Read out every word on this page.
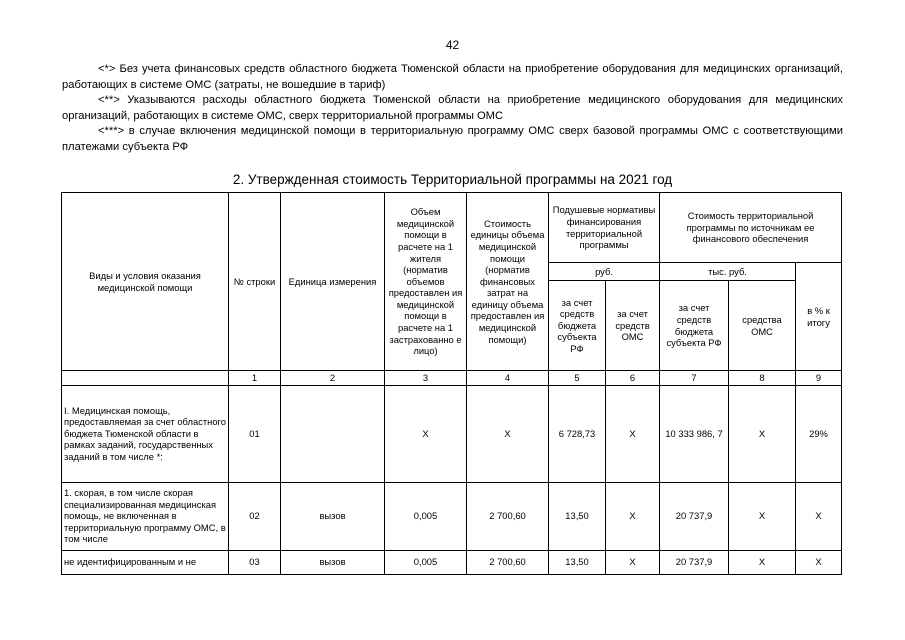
42

<*> Без учета финансовых средств областного бюджета Тюменской области на приобретение оборудования для медицинских организаций, работающих в системе ОМС (затраты, не вошедшие в тариф)

<**> Указываются расходы областного бюджета Тюменской области на приобретение медицинского оборудования для медицинских организаций, работающих в системе ОМС, сверх территориальной программы ОМС

<***> в случае включения медицинской помощи в территориальную программу ОМС сверх базовой программы ОМС с соответствующими платежами субъекта РФ

2. Утвержденная стоимость Территориальной программы на 2021 год
Виды и условия оказания медицинской помощи	№ строки	Единица измерения	Объем медицинской помощи в расчете на 1 жителя (норматив объемов предоставлен ия медицинской помощи в расчете на 1 застрахованно е лицо)	Стоимость единицы объема медицинской помощи (норматив финансовых затрат на единицу объема предоставлен ия медицинской помощи)	Подушевые нормативы финансирования территориальной программы		Стоимость территориальной программы по источникам ее финансового обеспечения		
					руб.		тыс. руб.		в % к итогу
					за счет средств бюджета субъекта РФ	за счет средств ОМС	за счет средств бюджета субъекта РФ	средства ОМС	
	1	2	3	4	5	6	7	8	9
I. Медицинская помощь, предоставляемая за счет областного бюджета Тюменской области в рамках заданий, государственных заданий в том числе *:	01		X	X	6 728,73	X	10 333 986, 7	X	29%
1. скорая, в том числе скорая специализированная медицинская помощь, не включенная в территориальную программу ОМС, в том числе	02	вызов	0,005	2 700,60	13,50	X	20 737,9	X	X
не идентифицированным и не	03	вызов	0,005	2 700,60	13,50	X	20 737,9	X	X
